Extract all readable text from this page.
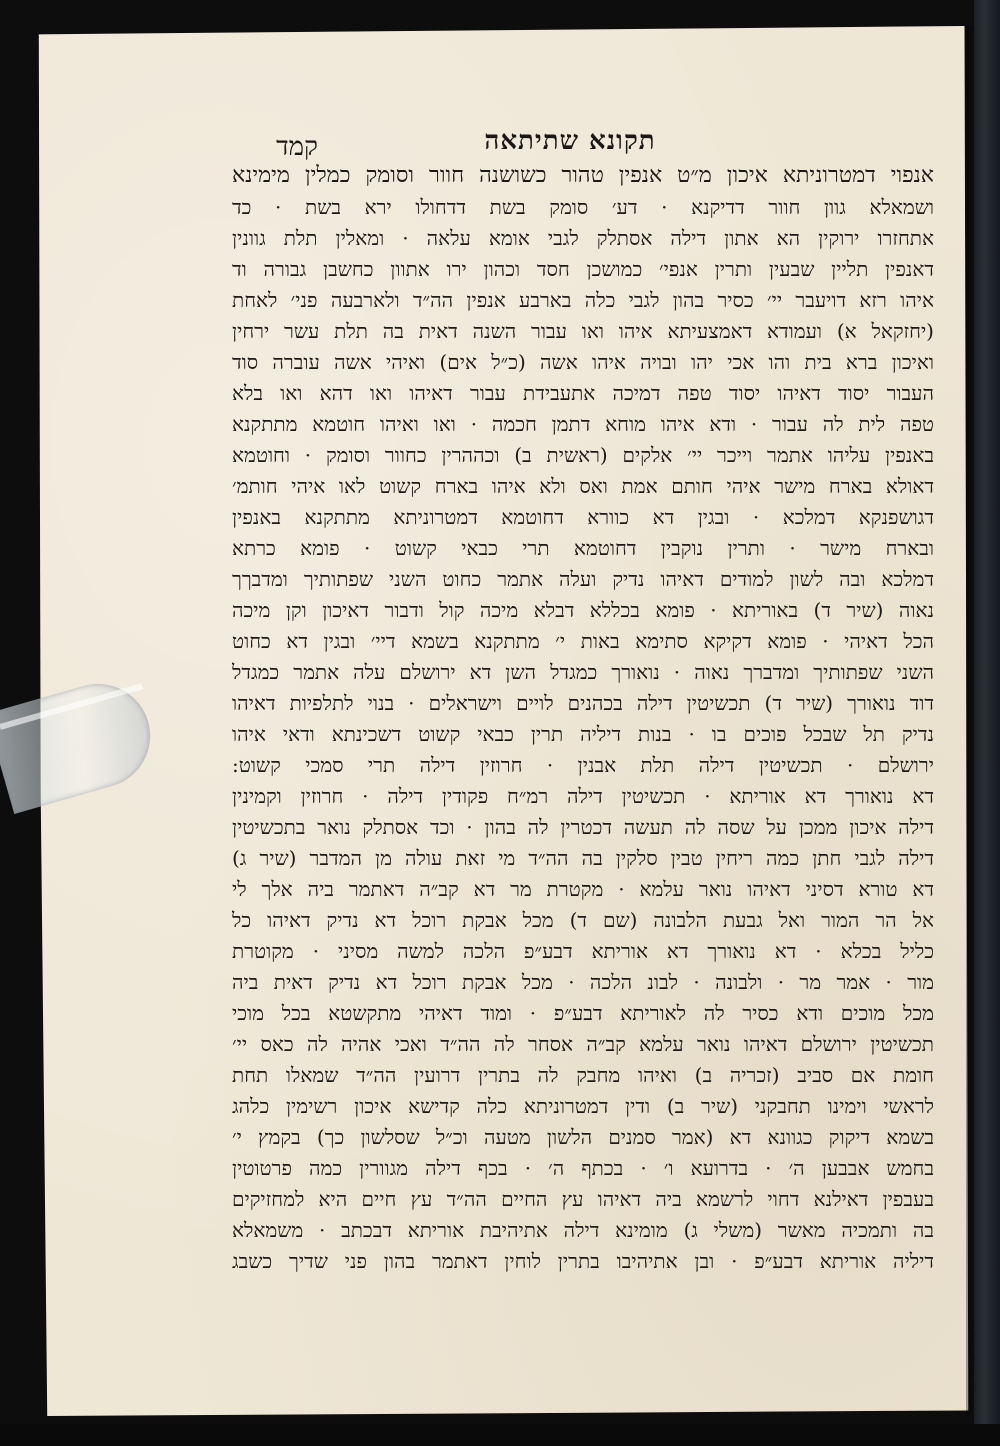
תקונא שתיתאה
קמד
אנפוי דמטרוניתא איכון מ״ט אנפין טהור כשושנה חוור וסומק כמלין מימינא
ושמאלא גוון חוור דדיקנא · דע׳ סומק בשת דדחולו ירא בשת · כד
אתחזרו ירוקין הא אתון דילה אסתלק לגבי אומא עלאה · ומאלין תלת גוונין
דאנפין תליין שבעין ותרין אנפי׳ כמושכן חסד וכהון ירו אתוון כחשבן גבורה וד
איהו רזא דויעבר יי׳ כסיר בהון לגבי כלה בארבע אנפין הה״ד ולארבעה פני׳ לאחת
(יחזקאל א) ועמודא דאמצעיתא איהו ואו עבור השנה דאית בה תלת עשר ירחין
ואיכון ברא בית והו אכי יהו ובויה איהו אשה (כ״ל אים) ואיהי אשה עוברה סוד
העבור יסוד דאיהו יסוד טפה דמיכה אתעבידת עבור דאיהו ואו דהא ואו בלא
טפה לית לה עבור · ודא איהו מוחא דתמן חכמה · ואו ואיהו חוטמא מתתקנא
באנפין עליהו אתמר וייכר יי׳ אלקים (ראשית ב) וכההרין כחוור וסומק · וחוטמא
דאולא בארח מישר איהי חותם אמת ואס ולא איהו בארח קשוט לאו איהי חותמ׳
דגושפנקא דמלכא · ובגין דא כוורא דחוטמא דמטרוניתא מתתקנא באנפין
ובארח מישר · ותרין נוקבין דחוטמא תרי כבאי קשוט · פומא כרתא
דמלכא ובה לשון למודים דאיהו נדיק ועלה אתמר כחוט השני שפתותיך ומדבךך
נאוה (שיר ד) באוריתא · פומא בכללא דבלא מיכה קול ודבור דאיכון וקן מיכה
הכל דאיהי · פומא דקיקא סתימא באות י׳ מתתקנא בשמא דיי׳ ובגין דא כחוט
השני שפתותיך ומדברך נאוה · נואורך כמגדל השן דא ירושלם עלה אתמר כמגדל
דוד נואורך (שיר ד) תכשיטין דילה בכהנים לויים וישראלים · בנוי לתלפיות דאיהו
נדיק תל שבכל פוכים בו · בנות דיליה תרין כבאי קשוט דשכינתא ודאי איהו
ירושלם · תכשיטין דילה תלת אבנין · חרוזין דילה תרי סמכי קשוט:
דא נואורך דא אוריתא · תכשיטין דילה רמ״ח פקודין דילה · חרוזין וקמינין
דילה איכון ממכן על שסה לה תעשה דכטרין לה בהון · וכד אסתלק נואר בתכשיטין
דילה לגבי חתן כמה ריחין טבין סלקין בה הה״ד מי זאת עולה מן המדבר (שיר ג)
דא טורא דסיני דאיהו נואר עלמא · מקטרת מר דא קב״ה דאתמר ביה אלך לי
אל הר המור ואל גבעת הלבונה (שם ד) מכל אבקת רוכל דא נדיק דאיהו כל
כליל בכלא · דא נואורך דא אוריתא דבע״פ הלכה למשה מסיני · מקוטרת
מור · אמר מר · ולבונה · לבונ הלכה · מכל אבקת רוכל דא נדיק דאית ביה
מכל מוכים ודא כסיר לה לאוריתא דבע״פ · ומוד דאיהי מתקשטא בכל מוכי
תכשיטין ירושלם דאיהו נואר עלמא קב״ה אסחר לה הה״ד ואכי אהיה לה כאס יי׳
חומת אם סביב (זכריה ב) ואיהו מחבק לה בתרין דרועין הה״ד שמאלו תחת
לראשי וימינו תחבקני (שיר ב) ודין דמטרוניתא כלה קדישא איכון רשימין כלהג
בשמא דיקוק כגוונא דא (אמר סמנים הלשון מטעה וכ״ל שסלשון כך) בקמץ י׳
בחמש אבבען ה׳ · בדרועא ו׳ · בכתף ה׳ · בכף דילה מגוורין כמה פרטוטין
בעבפין דאילנא דחוי לרשמא ביה דאיהו עץ החיים הה״ד עץ חיים היא למחזיקים
בה ותמכיה מאשר (משלי ג) מומינא דילה אתיהיבת אוריתא דבכתב · משמאלא
דיליה אוריתא דבע״פ · ובן אתיהיבו בתרין לוחין דאתמר בהון פני שדיך כשבג
